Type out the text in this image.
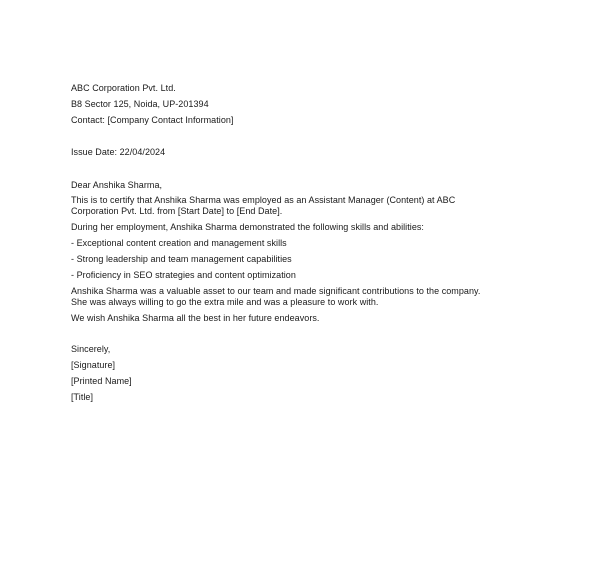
ABC Corporation Pvt. Ltd.
B8 Sector 125, Noida, UP-201394
Contact: [Company Contact Information]
Issue Date: 22/04/2024
Dear Anshika Sharma,
This is to certify that Anshika Sharma was employed as an Assistant Manager (Content) at ABC
Corporation Pvt. Ltd. from [Start Date] to [End Date].
During her employment, Anshika Sharma demonstrated the following skills and abilities:
- Exceptional content creation and management skills
- Strong leadership and team management capabilities
- Proficiency in SEO strategies and content optimization
Anshika Sharma was a valuable asset to our team and made significant contributions to the company.
She was always willing to go the extra mile and was a pleasure to work with.
We wish Anshika Sharma all the best in her future endeavors.
Sincerely,
[Signature]
[Printed Name]
[Title]
